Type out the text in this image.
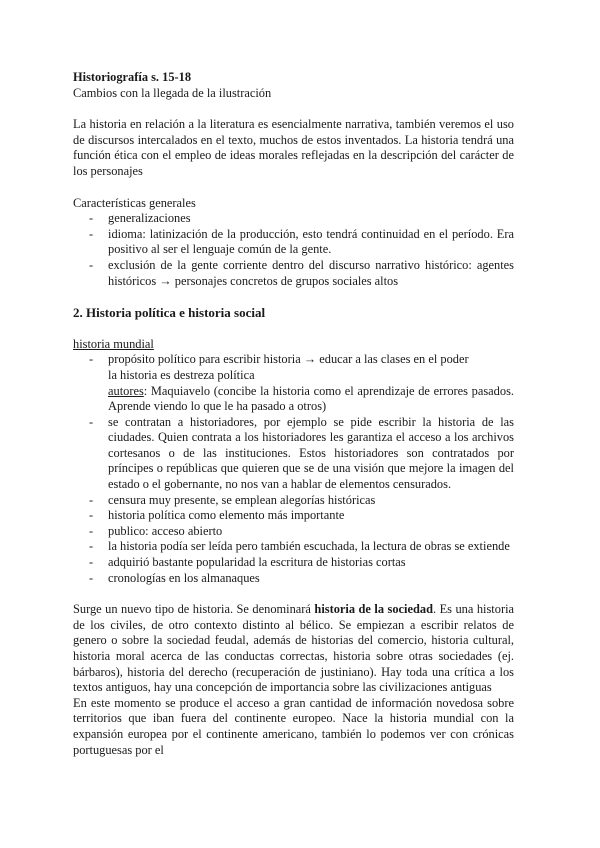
Historiografía s. 15-18
Cambios con la llegada de la ilustración
La historia en relación a la literatura es esencialmente narrativa, también veremos el uso de discursos intercalados en el texto, muchos de estos inventados. La historia tendrá una función ética con el empleo de ideas morales reflejadas en la descripción del carácter de los personajes
Características generales
- generalizaciones
- idioma: latinización de la producción, esto tendrá continuidad en el período. Era positivo al ser el lenguaje común de la gente.
- exclusión de la gente corriente dentro del discurso narrativo histórico: agentes históricos → personajes concretos de grupos sociales altos
2. Historia política e historia social
historia mundial
- propósito político para escribir historia → educar a las clases en el poder
la historia es destreza política
autores: Maquiavelo (concibe la historia como el aprendizaje de errores pasados. Aprende viendo lo que le ha pasado a otros)
- se contratan a historiadores, por ejemplo se pide escribir la historia de las ciudades. Quien contrata a los historiadores les garantiza el acceso a los archivos cortesanos o de las instituciones. Estos historiadores son contratados por príncipes o repúblicas que quieren que se de una visión que mejore la imagen del estado o el gobernante, no nos van a hablar de elementos censurados.
- censura muy presente, se emplean alegorías históricas
- historia política como elemento más importante
- publico: acceso abierto
- la historia podía ser leída pero también escuchada, la lectura de obras se extiende
- adquirió bastante popularidad la escritura de historias cortas
- cronologías en los almanaques
Surge un nuevo tipo de historia. Se denominará historia de la sociedad. Es una historia de los civiles, de otro contexto distinto al bélico. Se empiezan a escribir relatos de genero o sobre la sociedad feudal, además de historias del comercio, historia cultural, historia moral acerca de las conductas correctas, historia sobre otras sociedades (ej. bárbaros), historia del derecho (recuperación de justiniano). Hay toda una crítica a los textos antiguos, hay una concepción de importancia sobre las civilizaciones antiguas
En este momento se produce el acceso a gran cantidad de información novedosa sobre territorios que iban fuera del continente europeo. Nace la historia mundial con la expansión europea por el continente americano, también lo podemos ver con crónicas portuguesas por el
